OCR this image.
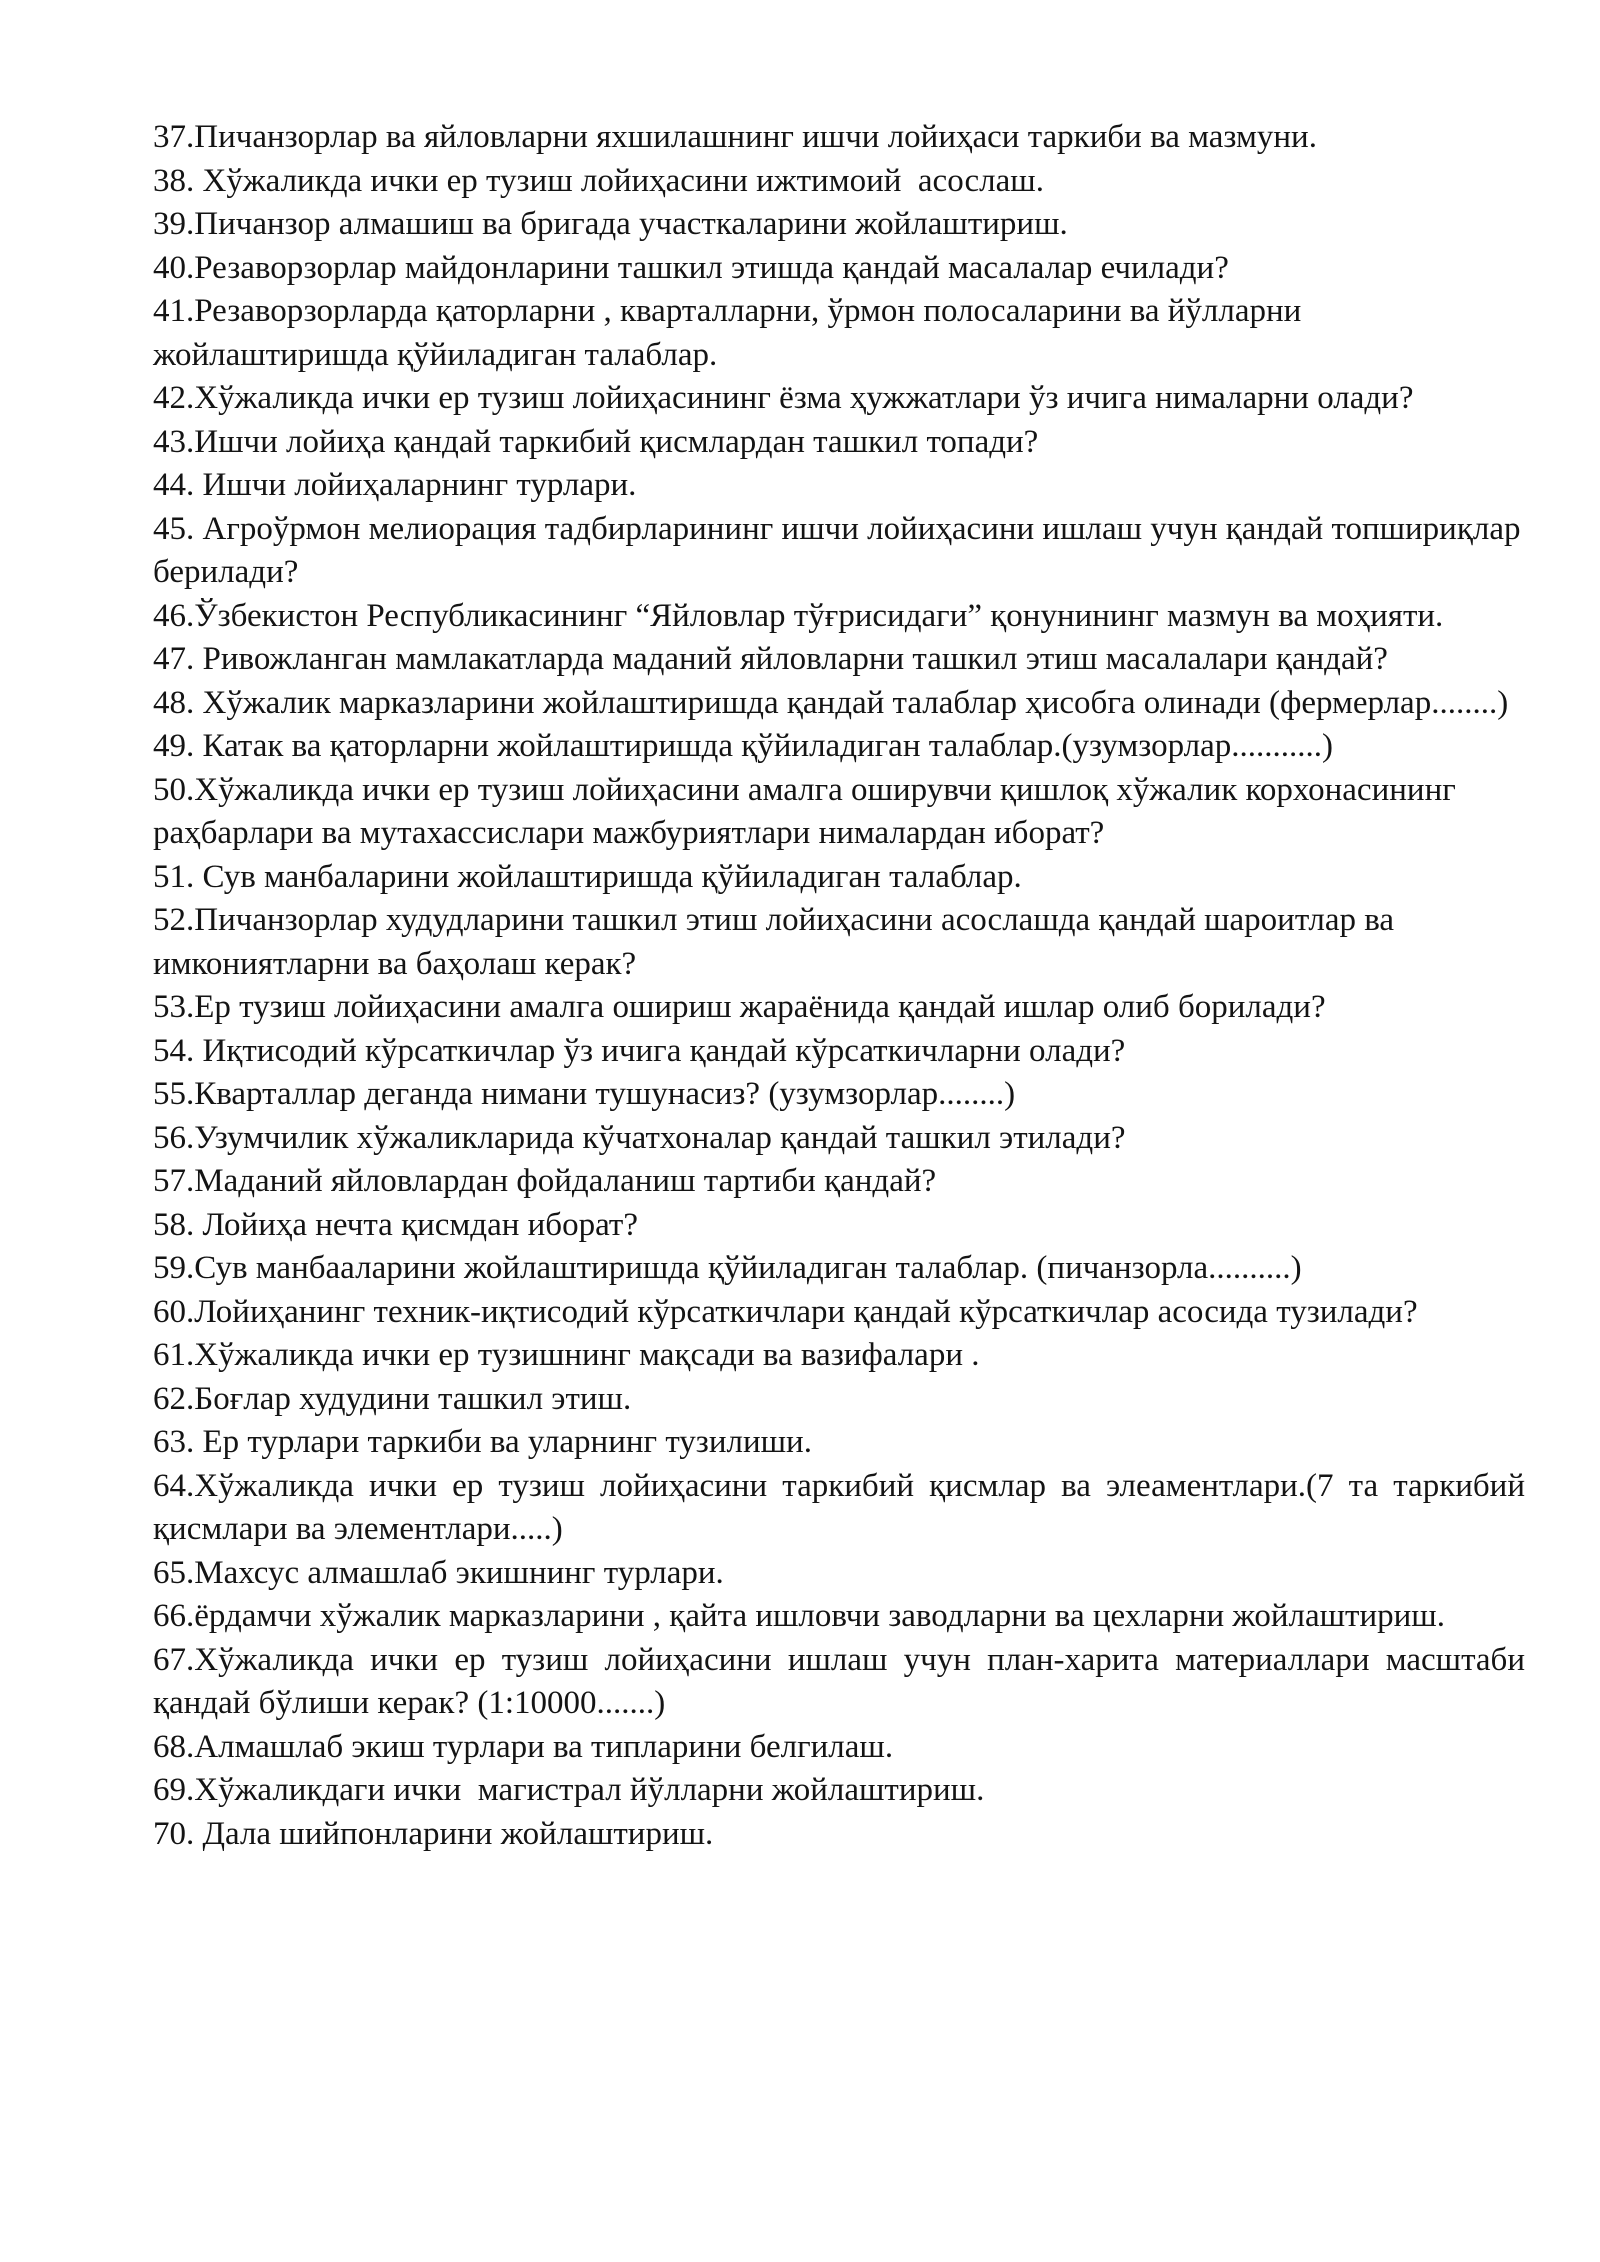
37.Пичанзорлар ва яйловларни яхшилашнинг ишчи лойиҳаси таркиби ва мазмуни.
38. Хўжаликда ички ер тузиш лойиҳасини ижтимоий  асослаш.
39.Пичанзор алмашиш ва бригада участкаларини жойлаштириш.
40.Резаворзорлар майдонларини ташкил этишда қандай масалалар ечилади?
41.Резаворзорларда қаторларни , кварталларни, ўрмон полосаларини ва йўлларни жойлаштиришда қўйиладиган талаблар.
42.Хўжаликда ички ер тузиш лойиҳасининг ёзма ҳужжатлари ўз ичига нималарни олади?
43.Ишчи лойиҳа қандай таркибий қисмлардан ташкил топади?
44. Ишчи лойиҳаларнинг турлари.
45. Агроўрмон мелиорация тадбирларининг ишчи лойиҳасини ишлаш учун қандай топшириқлар берилади?
46.Ўзбекистон Республикасининг “Яйловлар тўғрисидаги” қонунининг мазмун ва моҳияти.
47. Ривожланган мамлакатларда маданий яйловларни ташкил этиш масалалари қандай?
48. Хўжалик марказларини жойлаштиришда қандай талаблар ҳисобга олинади (фермерлар........)
49. Катак ва қаторларни жойлаштиришда қўйиладиган талаблар.(узумзорлар...........)
50.Хўжаликда ички ер тузиш лойиҳасини амалга оширувчи қишлоқ хўжалик корхонасининг раҳбарлари ва мутахассислари мажбуриятлари нималардан иборат?
51. Сув манбаларини жойлаштиришда қўйиладиган талаблар.
52.Пичанзорлар худудларини ташкил этиш лойиҳасини асослашда қандай шароитлар ва имкониятларни ва баҳолаш керак?
53.Ер тузиш лойиҳасини амалга ошириш жараёнида қандай ишлар олиб борилади?
54. Иқтисодий кўрсаткичлар ўз ичига қандай кўрсаткичларни олади?
55.Кварталлар деганда нимани тушунасиз? (узумзорлар........)
56.Узумчилик хўжаликларида кўчатхоналар қандай ташкил этилади?
57.Маданий яйловлардан фойдаланиш тартиби қандай?
58. Лойиҳа нечта қисмдан иборат?
59.Сув манбааларини жойлаштиришда қўйиладиган талаблар. (пичанзорла..........)
60.Лойиҳанинг техник-иқтисодий кўрсаткичлари қандай кўрсаткичлар асосида тузилади?
61.Хўжаликда ички ер тузишнинг мақсади ва вазифалари .
62.Боғлар худудини ташкил этиш.
63. Ер турлари таркиби ва уларнинг тузилиши.
64.Хўжаликда ички ер тузиш лойиҳасини таркибий қисмлар ва элеаментлари.(7 та таркибий қисмлари ва элементлари.....)
65.Махсус алмашлаб экишнинг турлари.
66.ёрдамчи хўжалик марказларини , қайта ишловчи заводларни ва цехларни жойлаштириш.
67.Хўжаликда ички ер тузиш лойиҳасини ишлаш учун план-харита материаллари масштаби қандай бўлиши керак? (1:10000.......)
68.Алмашлаб экиш турлари ва типларини белгилаш.
69.Хўжаликдаги ички  магистрал йўлларни жойлаштириш.
70. Дала шийпонларини жойлаштириш.
